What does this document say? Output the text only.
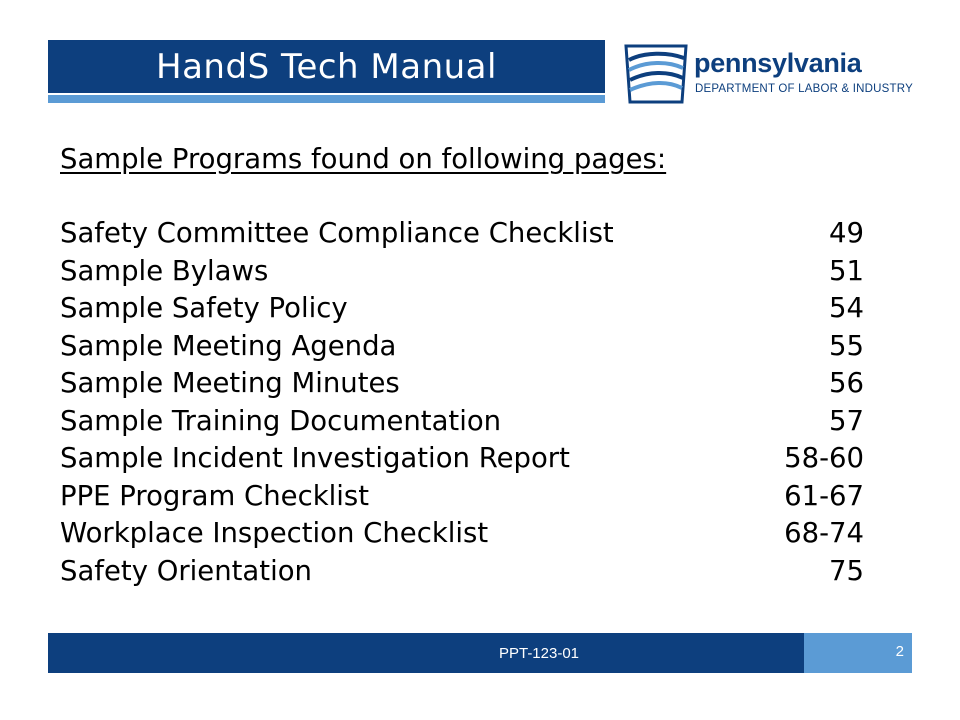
HandS Tech Manual	pennsylvania
DEPARTMENT OF LABOR & INDUSTRY
Sample Programs found on following pages:
Safety Committee Compliance Checklist	49
Sample Bylaws	51
Sample Safety Policy	54
Sample Meeting Agenda	55
Sample Meeting Minutes	56
Sample Training Documentation	57
Sample Incident Investigation Report	58-60
PPE Program Checklist	61-67
Workplace Inspection Checklist	68-74
Safety Orientation	75
PPT-123-01	2
